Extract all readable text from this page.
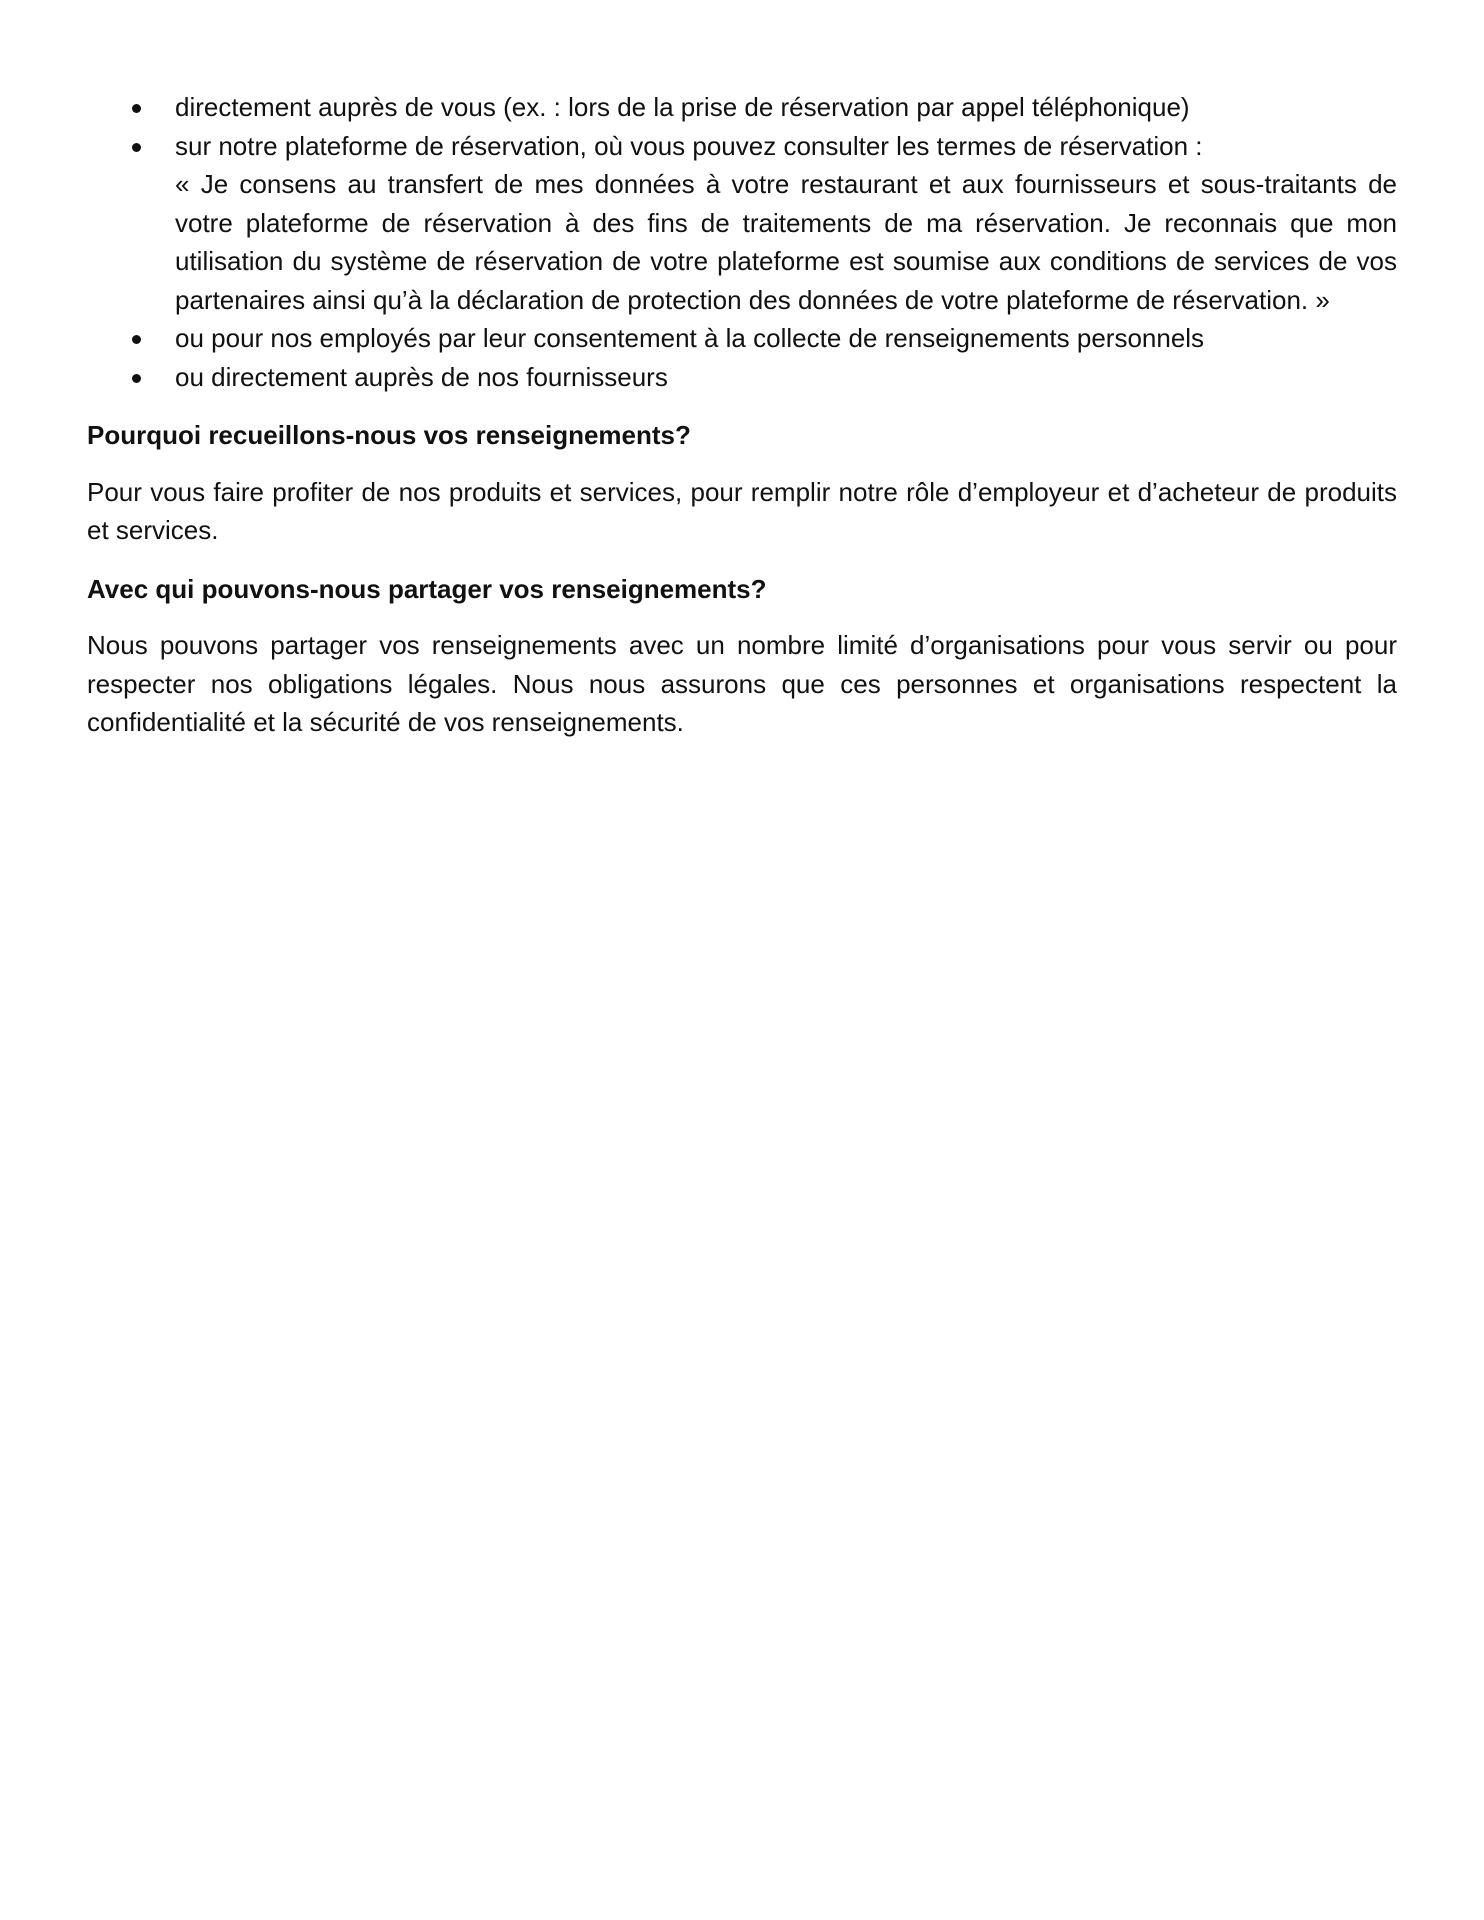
directement auprès de vous (ex. : lors de la prise de réservation par appel téléphonique)
sur notre plateforme de réservation, où vous pouvez consulter les termes de réservation :
« Je consens au transfert de mes données à votre restaurant et aux fournisseurs et sous-traitants de votre plateforme de réservation à des fins de traitements de ma réservation. Je reconnais que mon utilisation du système de réservation de votre plateforme est soumise aux conditions de services de vos partenaires ainsi qu’à la déclaration de protection des données de votre plateforme de réservation. »
ou pour nos employés par leur consentement à la collecte de renseignements personnels
ou directement auprès de nos fournisseurs
Pourquoi recueillons-nous vos renseignements?

Pour vous faire profiter de nos produits et services, pour remplir notre rôle d’employeur et d’acheteur de produits et services.

Avec qui pouvons-nous partager vos renseignements?

Nous pouvons partager vos renseignements avec un nombre limité d’organisations pour vous servir ou pour respecter nos obligations légales. Nous nous assurons que ces personnes et organisations respectent la confidentialité et la sécurité de vos renseignements.
